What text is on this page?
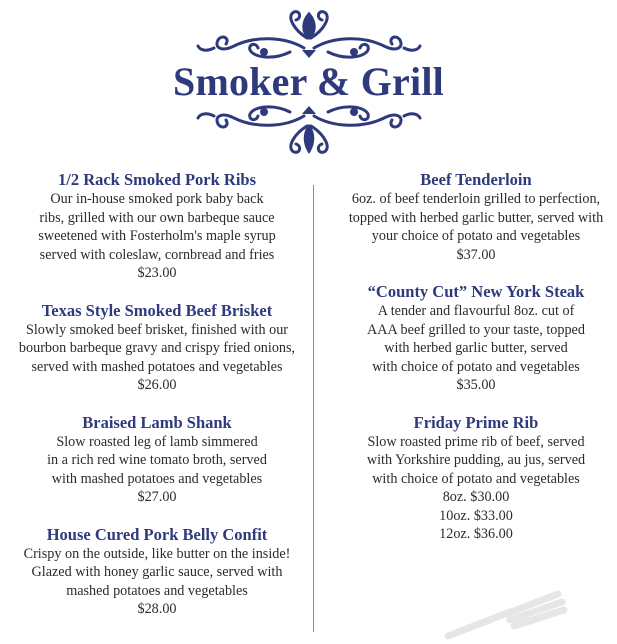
Smoker & Grill

1/2 Rack Smoked Pork Ribs

Our in-house smoked pork baby back

ribs, grilled with our own barbeque sauce

sweetened with Fosterholm's maple syrup

served with coleslaw, cornbread and fries

$23.00

Texas Style Smoked Beef Brisket

Slowly smoked beef brisket, finished with our

bourbon barbeque gravy and crispy fried onions,

served with mashed potatoes and vegetables

$26.00

Braised Lamb Shank

Slow roasted leg of lamb simmered

in a rich red wine tomato broth, served

with mashed potatoes and vegetables

$27.00

House Cured Pork Belly Confit

Crispy on the outside, like butter on the inside!

Glazed with honey garlic sauce, served with

mashed potatoes and vegetables

$28.00

Beef Tenderloin

6oz. of beef tenderloin grilled to perfection,

topped with herbed garlic butter, served with

your choice of potato and vegetables

$37.00

“County Cut” New York Steak

A tender and flavourful 8oz. cut of

AAA beef grilled to your taste, topped

with herbed garlic butter, served

with choice of potato and vegetables

$35.00

Friday Prime Rib

Slow roasted prime rib of beef, served

with Yorkshire pudding, au jus, served

with choice of potato and vegetables

8oz. $30.00

10oz. $33.00

12oz. $36.00
